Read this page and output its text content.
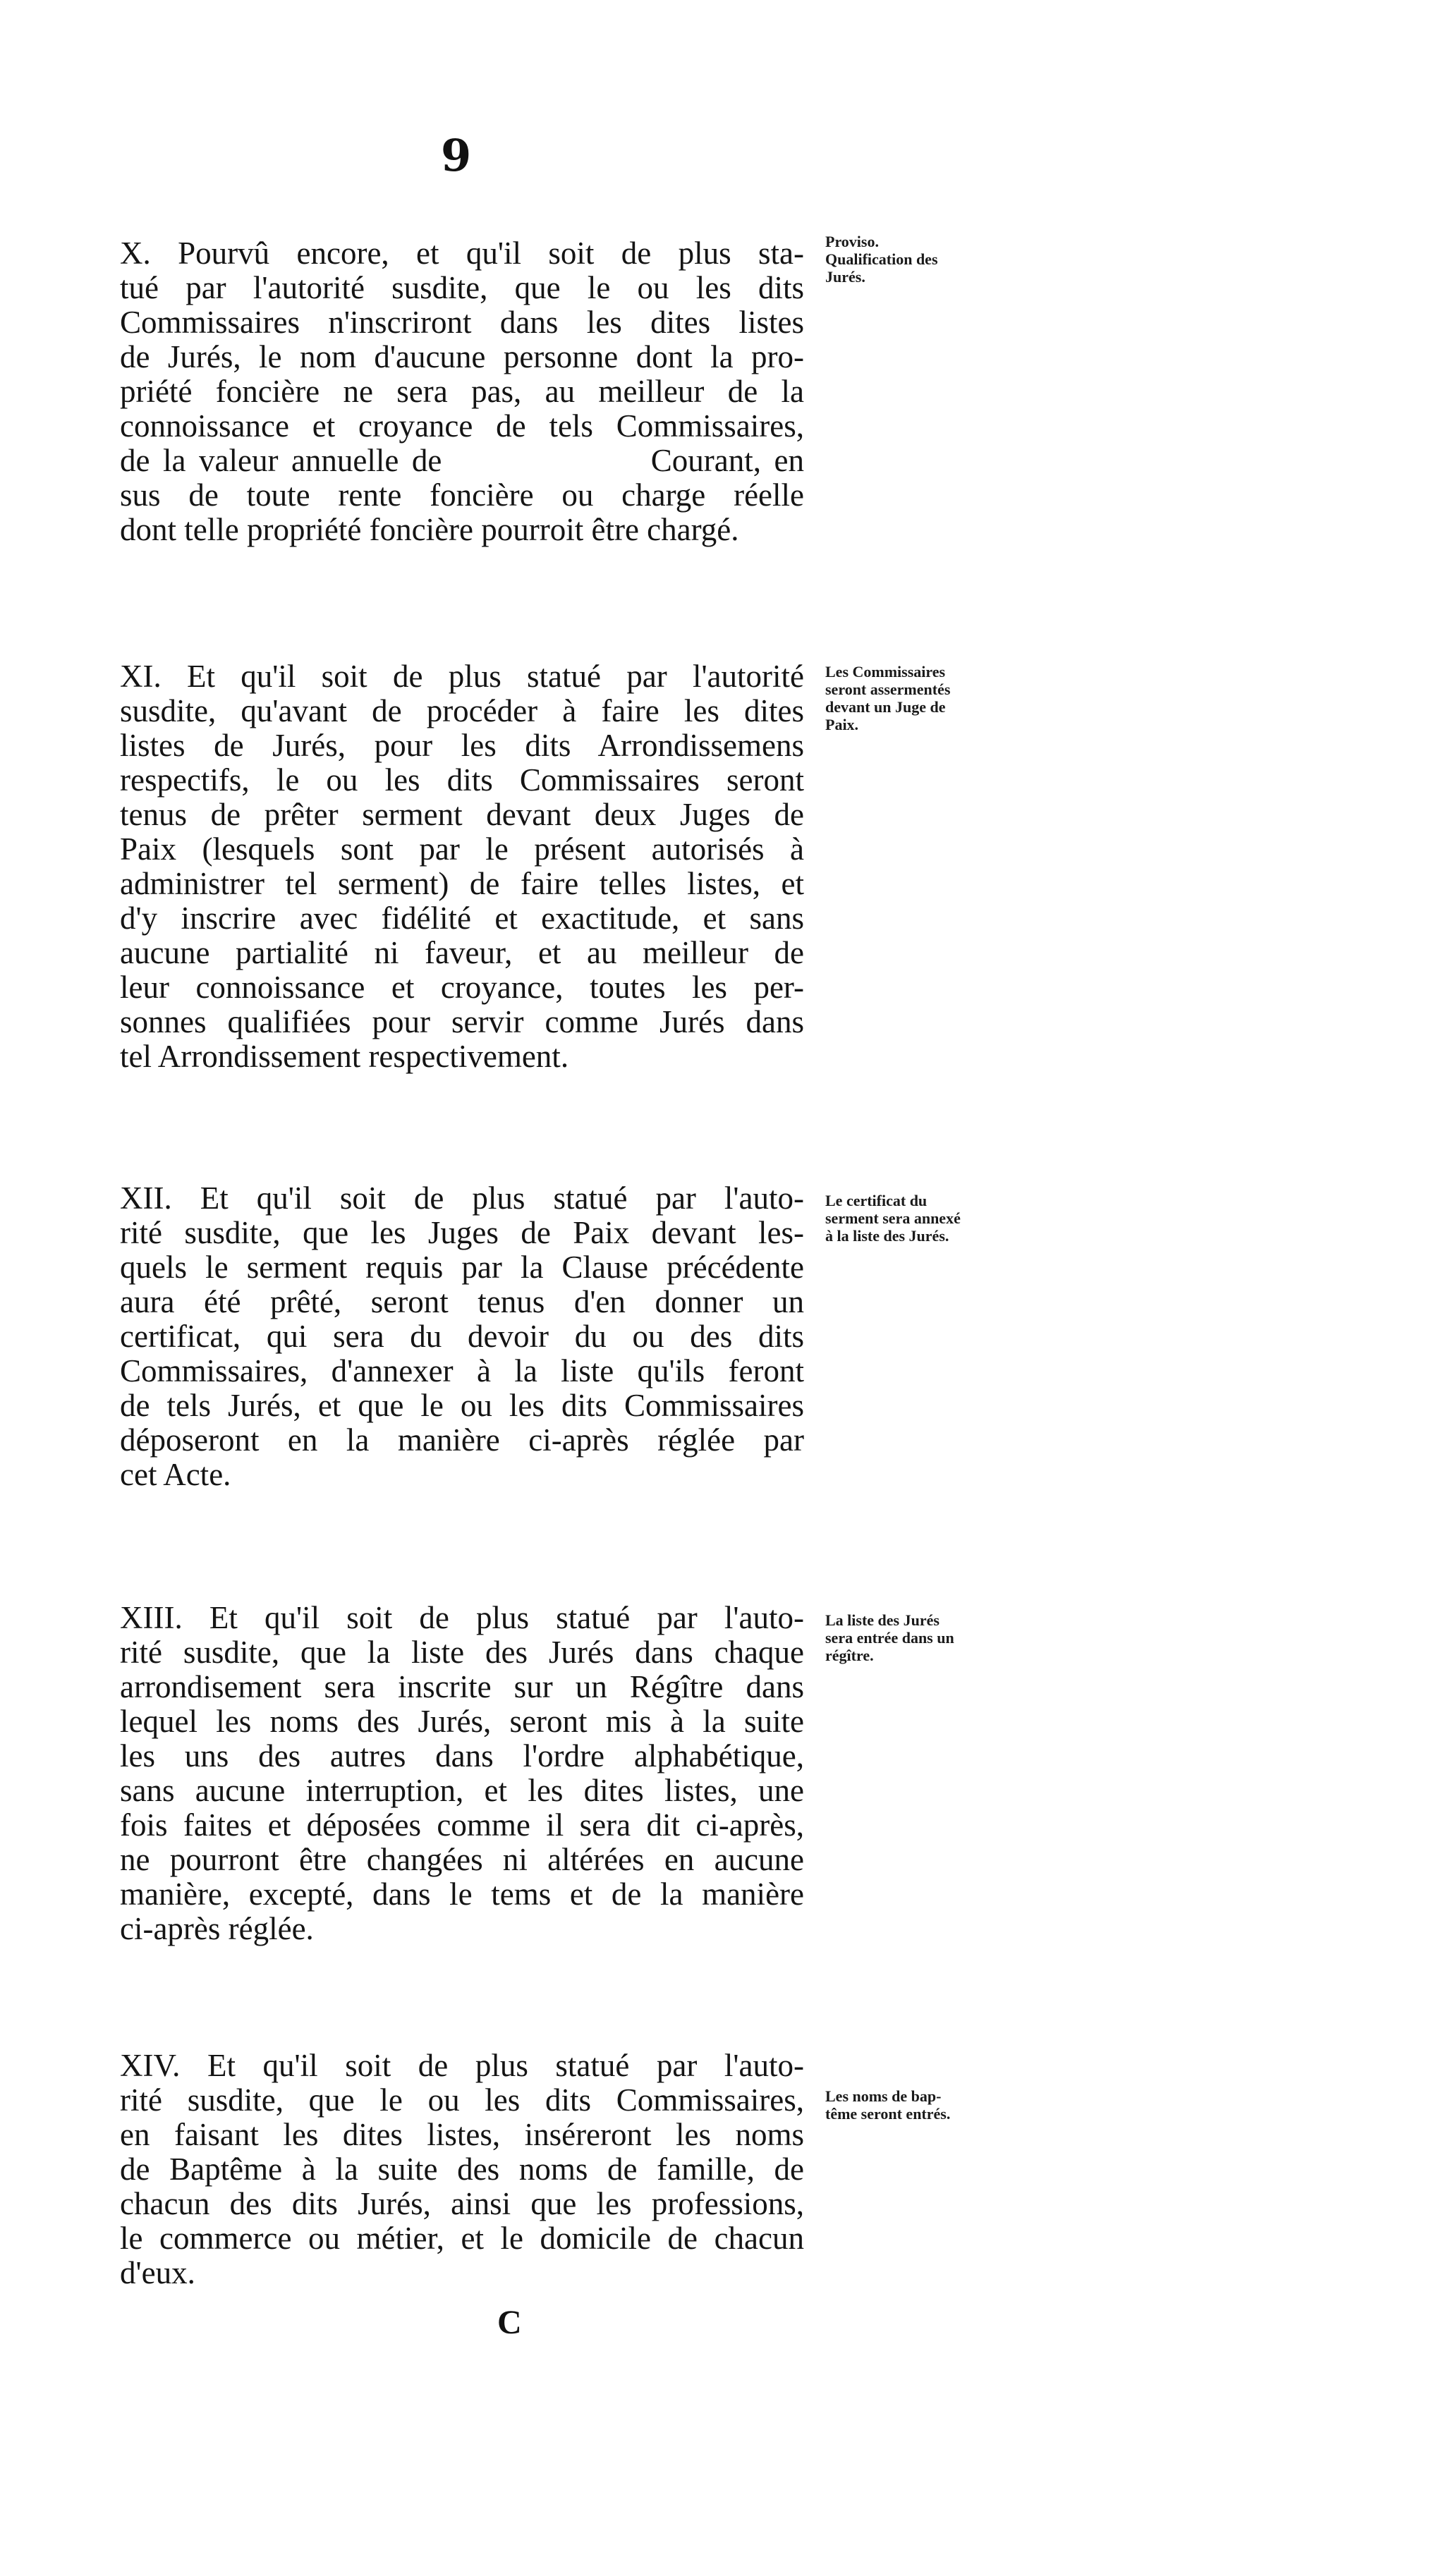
9
X. Pourvû encore, et qu'il soit de plus sta-
tué par l'autorité susdite, que le ou les dits
Commissaires n'inscriront dans les dites listes
de Jurés, le nom d'aucune personne dont la pro-
priété foncière ne sera pas, au meilleur de la
connoissance et croyance de tels Commissaires,
de la valeur annuelle de                Courant, en
sus de toute rente foncière ou charge réelle
dont telle propriété foncière pourroit être chargé.
Proviso.
Qualification des
Jurés.
XI. Et qu'il soit de plus statué par l'autorité
susdite, qu'avant de procéder à faire les dites
listes de Jurés, pour les dits Arrondissemens
respectifs, le ou les dits Commissaires seront
tenus de prêter serment devant deux Juges de
Paix (lesquels sont par le présent autorisés à
administrer tel serment) de faire telles listes, et
d'y inscrire avec fidélité et exactitude, et sans
aucune partialité ni faveur, et au meilleur de
leur connoissance et croyance, toutes les per-
sonnes qualifiées pour servir comme Jurés dans
tel Arrondissement respectivement.
Les Commissaires
seront assermentés
devant un Juge de
Paix.
XII. Et qu'il soit de plus statué par l'auto-
rité susdite, que les Juges de Paix devant les-
quels le serment requis par la Clause précédente
aura été prêté, seront tenus d'en donner un
certificat, qui sera du devoir du ou des dits
Commissaires, d'annexer à la liste qu'ils feront
de tels Jurés, et que le ou les dits Commissaires
déposeront en la manière ci-après réglée par
cet Acte.
Le certificat du
serment sera annexé
à la liste des Jurés.
XIII. Et qu'il soit de plus statué par l'auto-
rité susdite, que la liste des Jurés dans chaque
arrondisement sera inscrite sur un Régître dans
lequel les noms des Jurés, seront mis à la suite
les uns des autres dans l'ordre alphabétique,
sans aucune interruption, et les dites listes, une
fois faites et déposées comme il sera dit ci-après,
ne pourront être changées ni altérées en aucune
manière, excepté, dans le tems et de la manière
ci-après réglée.
La liste des Jurés
sera entrée dans un
régître.
XIV. Et qu'il soit de plus statué par l'auto-
rité susdite, que le ou les dits Commissaires,
en faisant les dites listes, inséreront les noms
de Baptême à la suite des noms de famille, de
chacun des dits Jurés, ainsi que les professions,
le commerce ou métier, et le domicile de chacun
d'eux.
Les noms de bap-
tême seront entrés.
C
